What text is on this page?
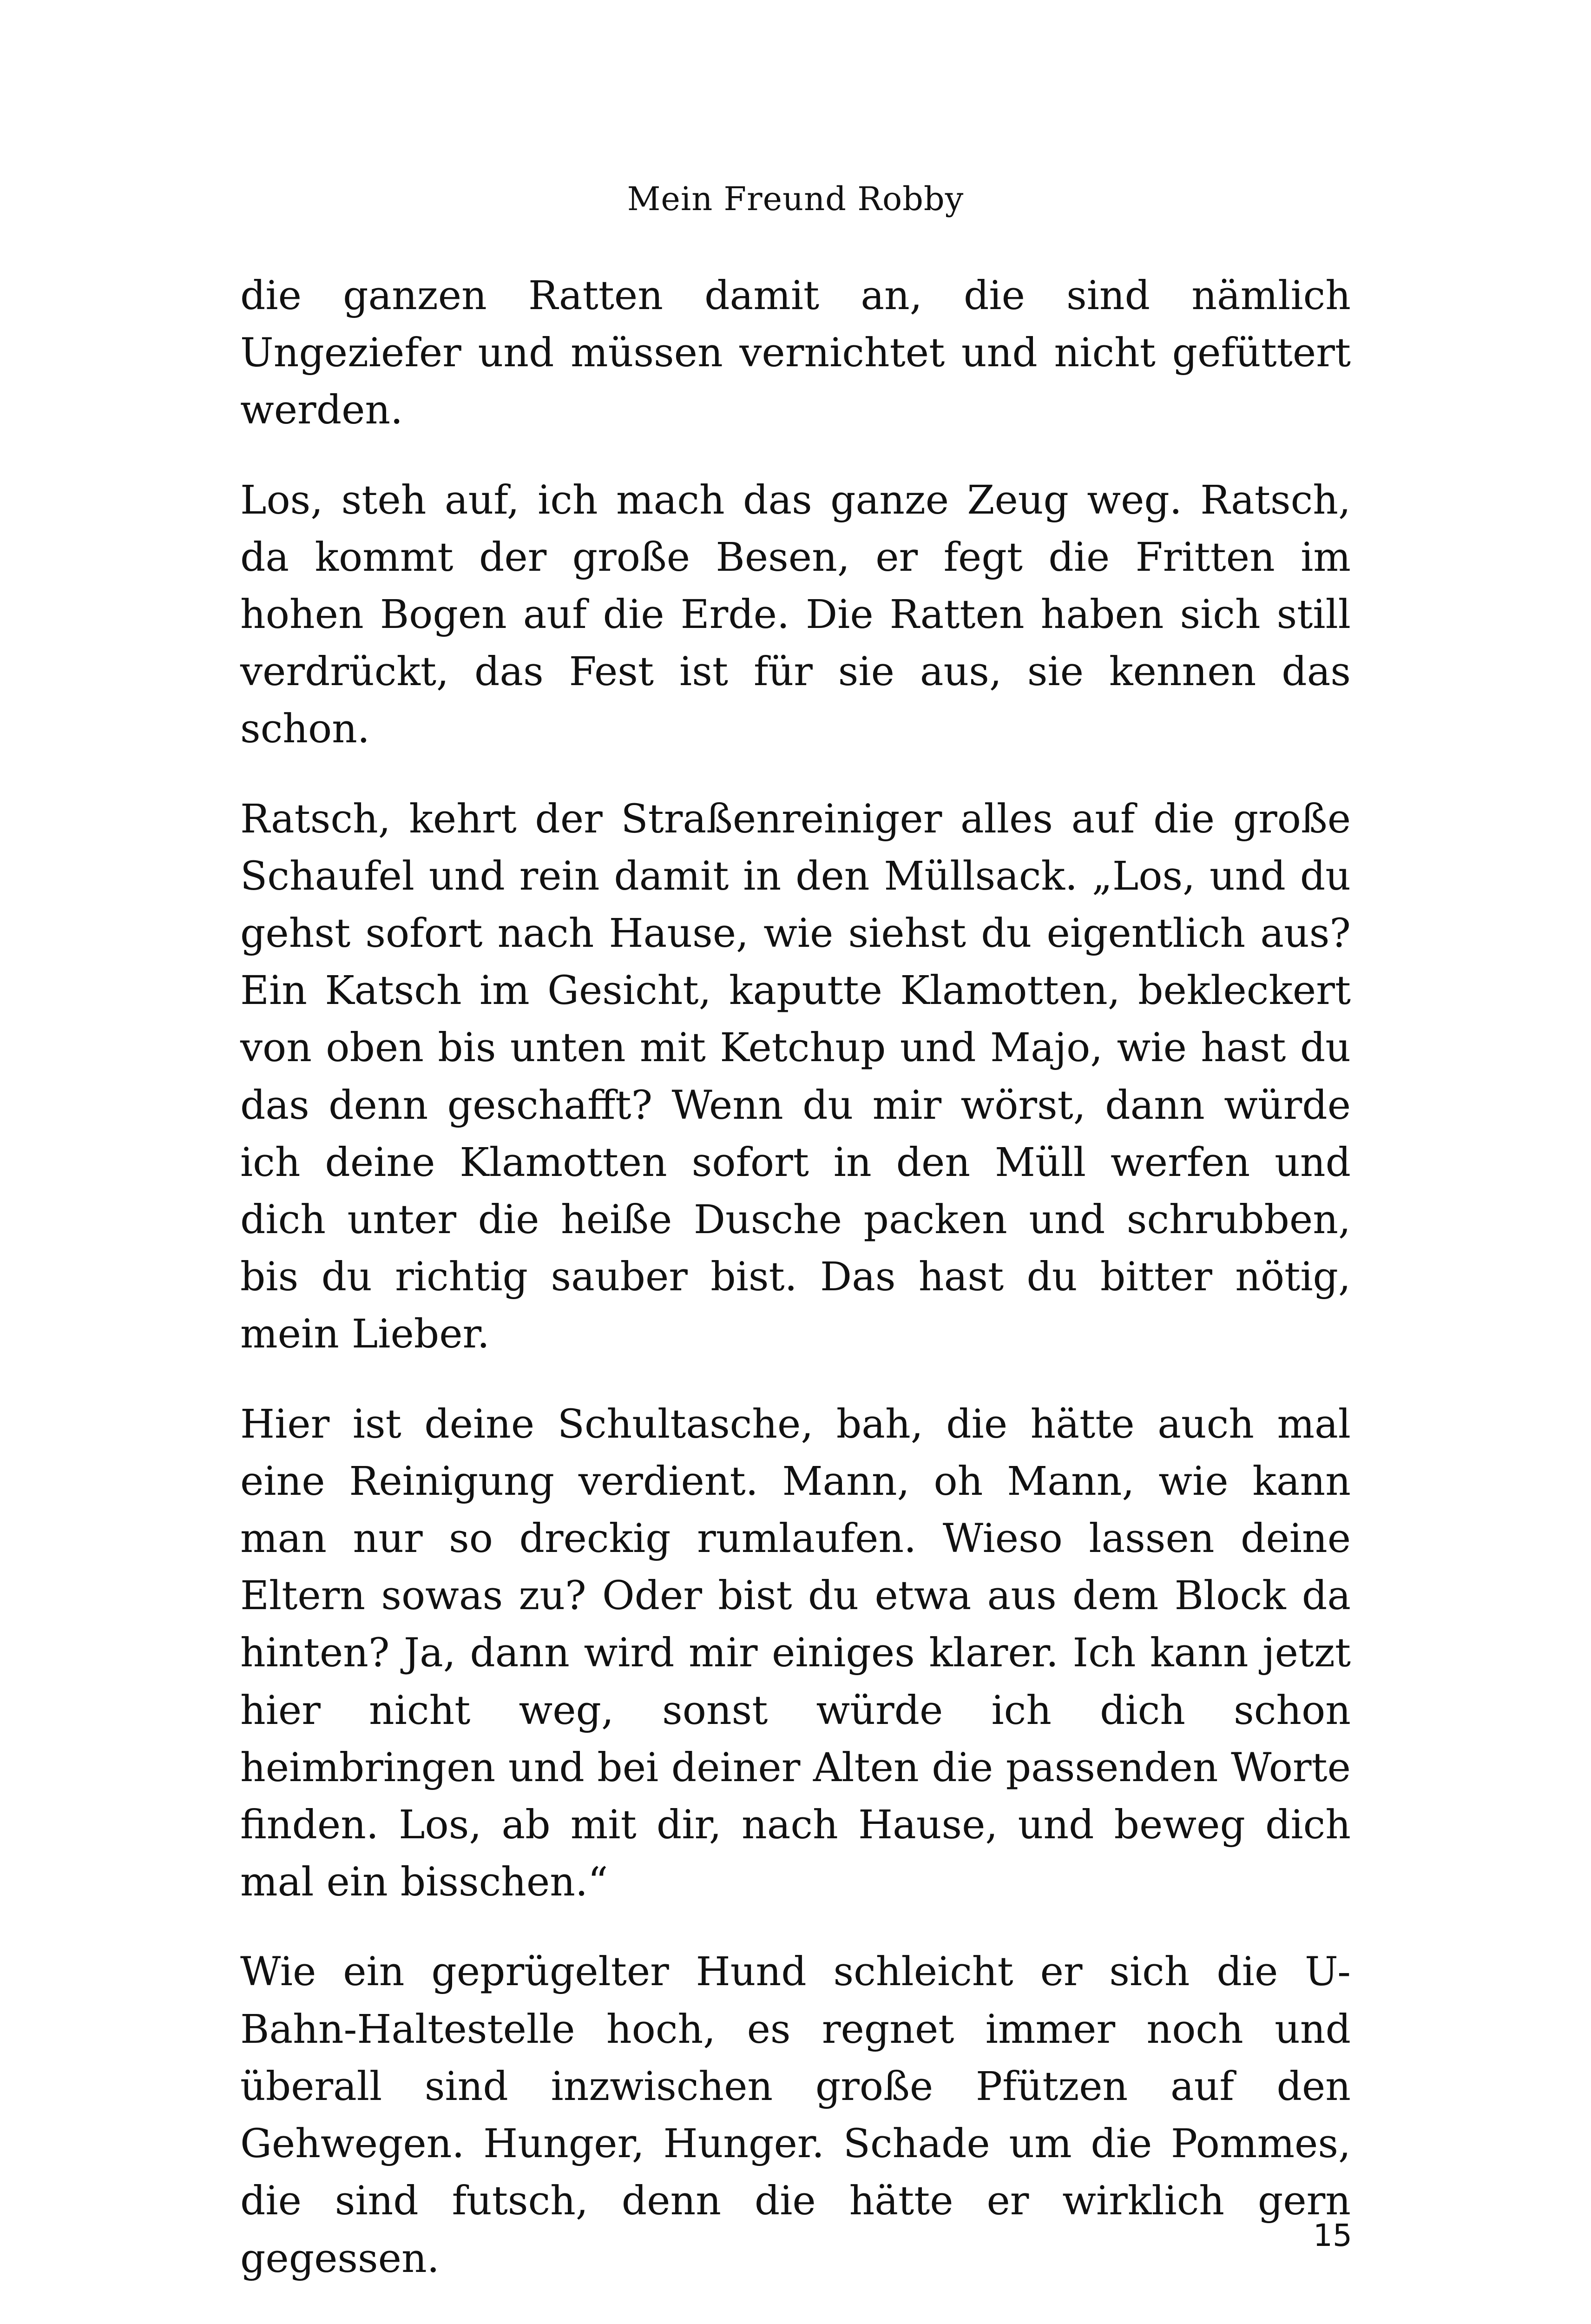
Mein Freund Robby

die ganzen Ratten damit an, die sind nämlich Ungeziefer und müssen vernichtet und nicht gefüttert werden.

Los, steh auf, ich mach das ganze Zeug weg. Ratsch, da kommt der große Besen, er fegt die Fritten im hohen Bogen auf die Erde. Die Ratten haben sich still verdrückt, das Fest ist für sie aus, sie kennen das schon.

Ratsch, kehrt der Straßenreiniger alles auf die große Schaufel und rein damit in den Müllsack. „Los, und du gehst sofort nach Hause, wie siehst du eigentlich aus? Ein Katsch im Gesicht, kaputte Klamotten, bekleckert von oben bis unten mit Ketchup und Majo, wie hast du das denn geschafft? Wenn du mir wörst, dann würde ich deine Klamotten sofort in den Müll werfen und dich unter die heiße Dusche packen und schrubben, bis du richtig sauber bist. Das hast du bitter nötig, mein Lieber.

Hier ist deine Schultasche, bah, die hätte auch mal eine Reinigung verdient. Mann, oh Mann, wie kann man nur so dreckig rumlaufen. Wieso lassen deine Eltern sowas zu? Oder bist du etwa aus dem Block da hinten? Ja, dann wird mir einiges klarer. Ich kann jetzt hier nicht weg, sonst würde ich dich schon heimbringen und bei deiner Alten die passenden Worte finden. Los, ab mit dir, nach Hause, und beweg dich mal ein bisschen.“

Wie ein geprügelter Hund schleicht er sich die U-Bahn-Haltestelle hoch, es regnet immer noch und überall sind inzwischen große Pfützen auf den Gehwegen. Hunger, Hunger. Schade um die Pommes, die sind futsch, denn die hätte er wirklich gern gegessen.	15
